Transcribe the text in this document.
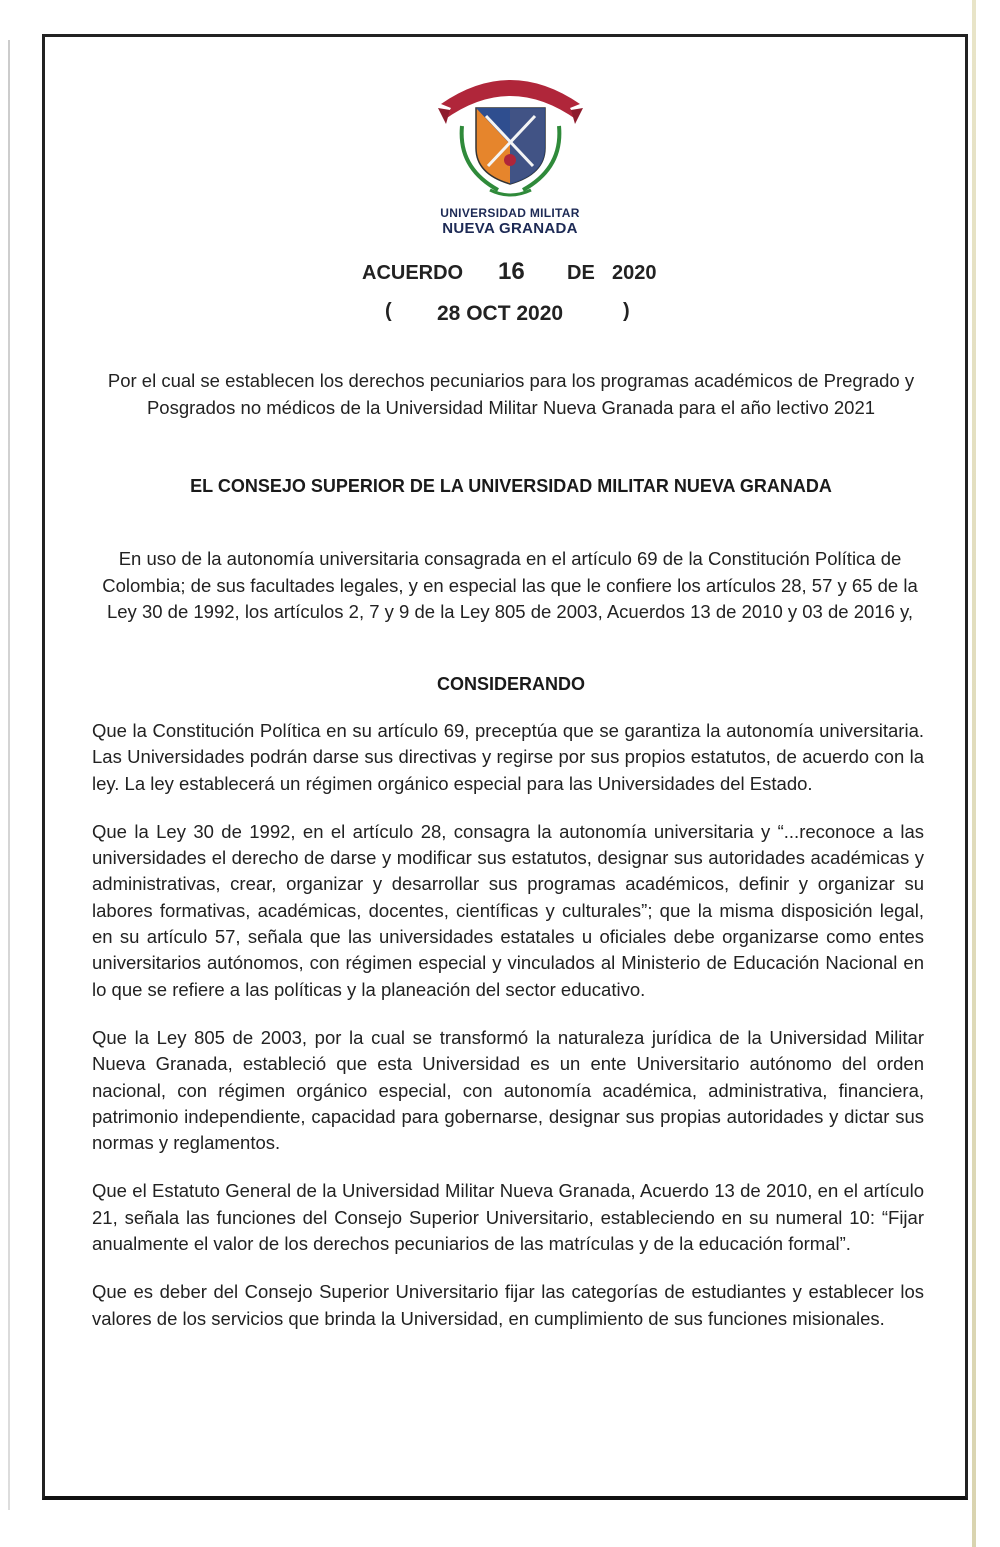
UNIVERSIDAD MILITAR
NUEVA GRANADA
ACUERDO 16 DE 2020
( 28 OCT 2020	)
Por el cual se establecen los derechos pecuniarios para los programas académicos de Pregrado y Posgrados no médicos de la Universidad Militar Nueva Granada para el año lectivo 2021
EL CONSEJO SUPERIOR DE LA UNIVERSIDAD MILITAR NUEVA GRANADA
En uso de la autonomía universitaria consagrada en el artículo 69 de la Constitución Política de Colombia; de sus facultades legales, y en especial las que le confiere los artículos 28, 57 y 65 de la Ley 30 de 1992, los artículos 2, 7 y 9 de la Ley 805 de 2003, Acuerdos 13 de 2010 y 03 de 2016 y,
CONSIDERANDO

Que la Constitución Política en su artículo 69, preceptúa que se garantiza la autonomía universitaria. Las Universidades podrán darse sus directivas y regirse por sus propios estatutos, de acuerdo con la ley. La ley establecerá un régimen orgánico especial para las Universidades del Estado.

Que la Ley 30 de 1992, en el artículo 28, consagra la autonomía universitaria y “...reconoce a las universidades el derecho de darse y modificar sus estatutos, designar sus autoridades académicas y administrativas, crear, organizar y desarrollar sus programas académicos, definir y organizar su labores formativas, académicas, docentes, científicas y culturales”; que la misma disposición legal, en su artículo 57, señala que las universidades estatales u oficiales debe organizarse como entes universitarios autónomos, con régimen especial y vinculados al Ministerio de Educación Nacional en lo que se refiere a las políticas y la planeación del sector educativo.

Que la Ley 805 de 2003, por la cual se transformó la naturaleza jurídica de la Universidad Militar Nueva Granada, estableció que esta Universidad es un ente Universitario autónomo del orden nacional, con régimen orgánico especial, con autonomía académica, administrativa, financiera, patrimonio independiente, capacidad para gobernarse, designar sus propias autoridades y dictar sus normas y reglamentos.

Que el Estatuto General de la Universidad Militar Nueva Granada, Acuerdo 13 de 2010, en el artículo 21, señala las funciones del Consejo Superior Universitario, estableciendo en su numeral 10: “Fijar anualmente el valor de los derechos pecuniarios de las matrículas y de la educación formal”.

Que es deber del Consejo Superior Universitario fijar las categorías de estudiantes y establecer los valores de los servicios que brinda la Universidad, en cumplimiento de sus funciones misionales.
